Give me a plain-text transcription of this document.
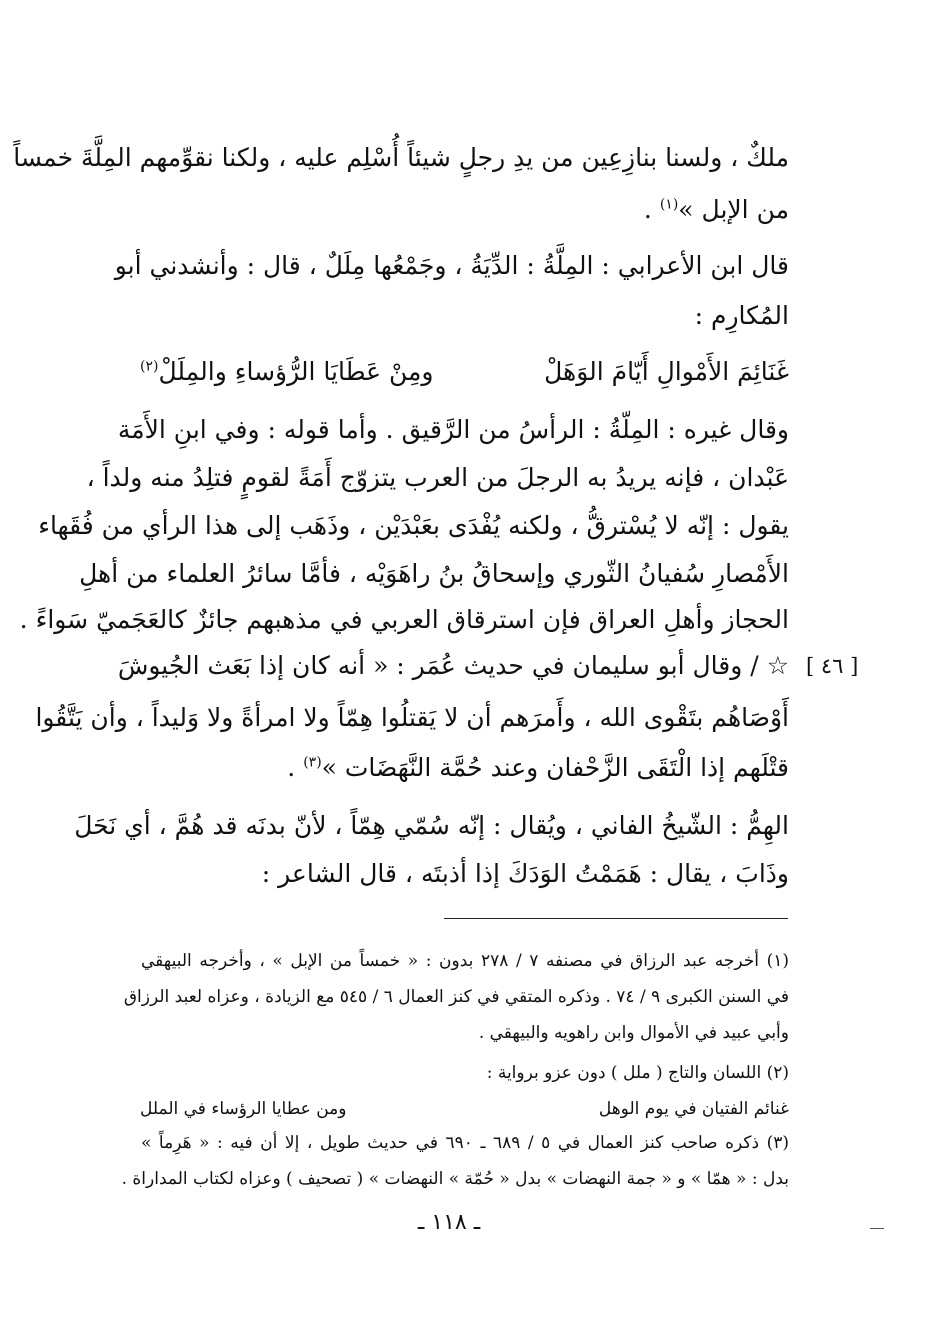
ملكٌ ، ولسنا بنازِعِين من يدِ رجلٍ شيئاً أُسْلِم عليه ، ولكنا نقوِّمهم المِلَّةَ خمساً
من الإبل »$^{(١)}$ .
قال ابن الأعرابي : المِلَّةُ : الدِّيَةُ ، وجَمْعُها مِلَلٌ ، قال : وأنشدني أبو
المُكارِم :
غَنَائِمَ الأَمْوالِ أَيّامَ الوَهَلْ
ومِنْ عَطَايَا الرُّؤساءِ والمِلَلْ$^{(٢)}$
وقال غيره : المِلّةُ : الرأسُ من الرَّقيق . وأما قوله : وفي ابنِ الأَمَة
عَبْدان ، فإنه يريدُ به الرجلَ من العرب يتزوّج أَمَةً لقومٍ فتلِدُ منه ولداً ،
يقول : إنّه لا يُسْترقُّ ، ولكنه يُفْدَى بعَبْدَيْن ، وذَهَب إلى هذا الرأي من فُقَهاء
الأَمْصارِ سُفيانُ الثّوري وإسحاقُ بنُ راهَوَيْه ، فأمَّا سائرُ العلماء من أهلِ
الحجاز وأهلِ العراق فإن استرقاق العربي في مذهبهم جائزٌ كالعَجَميّ سَواءً .
[ ٤٦ ]
☆ / وقال أبو سليمان في حديث عُمَر : « أنه كان إذا بَعَث الجُيوشَ
أَوْصَاهُم بتَقْوى الله ، وأَمرَهم أن لا يَقتلُوا هِمّاً ولا امرأةً ولا وَليداً ، وأن يَتَّقُوا
قتْلَهم إذا الْتَقَى الزَّحْفان وعند حُمَّة النَّهَضَات »$^{(٣)}$ .
الهِمُّ : الشّيخُ الفاني ، ويُقال : إنّه سُمّي هِمّاً ، لأنّ بدنَه قد هُمَّ ، أي نَحَلَ
وذَابَ ، يقال : هَمَمْتُ الوَدَكَ إذا أذبتَه ، قال الشاعر :
(١) أخرجه عبد الرزاق في مصنفه ٧ / ٢٧٨ بدون : « خمساً من الإبل » ، وأخرجه البيهقي
في السنن الكبرى ٩ / ٧٤ . وذكره المتقي في كنز العمال ٦ / ٥٤٥ مع الزيادة ، وعزاه لعبد الرزاق
وأبي عبيد في الأموال وابن راهويه والبيهقي .
(٢) اللسان والتاج ( ملل ) دون عزو برواية :
غنائم الفتيان في يوم الوهل
ومن عطايا الرؤساء في الملل
(٣) ذكره صاحب كنز العمال في ٥ / ٦٨٩ ـ ٦٩٠ في حديث طويل ، إلا أن فيه : « هَرِماً »
بدل : « همّا » و « جمة النهضات » بدل « حُمّة » النهضات » ( تصحيف ) وعزاه لكتاب المداراة .
ـ ١١٨ ـ
